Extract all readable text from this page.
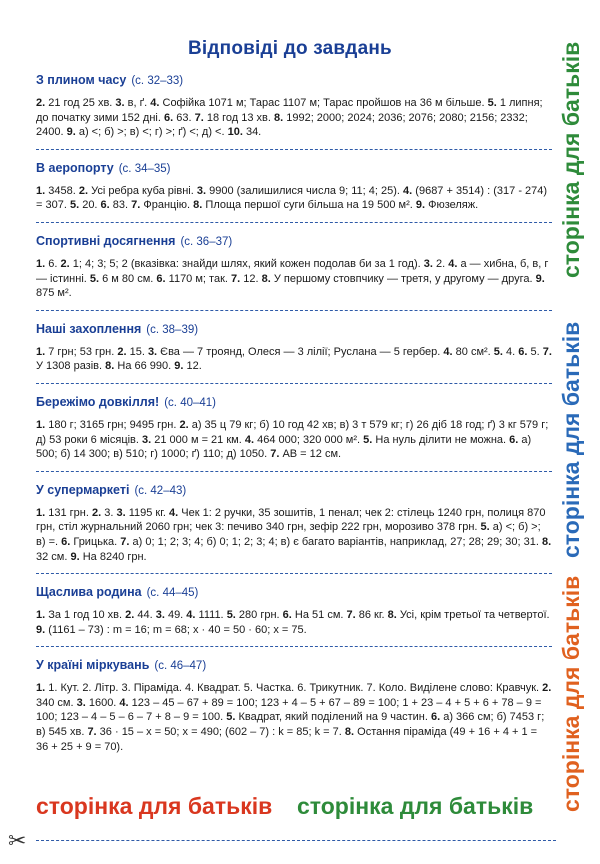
Відповіді до завдань
З плином часу (с. 32–33)

2. 21 год 25 хв. 3. в, ґ. 4. Софійка 1071 м; Тарас 1107 м; Тарас пройшов на 36 м більше. 5. 1 липня; до початку зими 152 дні. 6. 63. 7. 18 год 13 хв. 8. 1992; 2000; 2024; 2036; 2076; 2080; 2156; 2332; 2400. 9. а) <; б) >; в) <; г) >; ґ) <; д) <. 10. 34.

В аеропорту (с. 34–35)

1. 3458. 2. Усі ребра куба рівні. 3. 9900 (залишилися числа 9; 11; 4; 25). 4. (9687 + 3514) : (317 - 274) = 307. 5. 20. 6. 83. 7. Францію. 8. Площа першої суги більша на 19 500 м². 9. Фюзеляж.

Спортивні досягнення (с. 36–37)

1. 6. 2. 1; 4; 3; 5; 2 (вказівка: знайди шлях, який кожен подолав би за 1 год). 3. 2. 4. а — хибна, б, в, г — істинні. 5. 6 м 80 см. 6. 1170 м; так. 7. 12. 8. У першому стовпчику — третя, у другому — друга. 9. 875 м².

Наші захоплення (с. 38–39)

1. 7 грн; 53 грн. 2. 15. 3. Єва — 7 троянд, Олеся — 3 лілії; Руслана — 5 гербер. 4. 80 см². 5. 4. 6. 5. 7. У 1308 разів. 8. На 66 990. 9. 12.

Бережімо довкілля! (с. 40–41)

1. 180 г; 3165 грн; 9495 грн. 2. а) 35 ц 79 кг; б) 10 год 42 хв; в) 3 т 579 кг; г) 26 діб 18 год; ґ) 3 кг 579 г; д) 53 роки 6 місяців. 3. 21 000 м = 21 км. 4. 464 000; 320 000 м². 5. На нуль ділити не можна. 6. а) 500; б) 14 300; в) 510; г) 1000; ґ) 110; д) 1050. 7. AB = 12 см.

У супермаркеті (с. 42–43)

1. 131 грн. 2. 3. 3. 1195 кг. 4. Чек 1: 2 ручки, 35 зошитів, 1 пенал; чек 2: стілець 1240 грн, полиця 870 грн, стіл журнальний 2060 грн; чек 3: печиво 340 грн, зефір 222 грн, морозиво 378 грн. 5. а) <; б) >; в) =. 6. Грицька. 7. а) 0; 1; 2; 3; 4; б) 0; 1; 2; 3; 4; в) є багато варіантів, наприклад, 27; 28; 29; 30; 31. 8. 32 см. 9. На 8240 грн.

Щаслива родина (с. 44–45)

1. За 1 год 10 хв. 2. 44. 3. 49. 4. 1111. 5. 280 грн. 6. На 51 см. 7. 86 кг. 8. Усі, крім третьої та четвертої. 9. (1161 – 73) : m = 16; m = 68; x · 40 = 50 · 60; x = 75.

У країні міркувань (с. 46–47)

1. 1. Кут. 2. Літр. 3. Піраміда. 4. Квадрат. 5. Частка. 6. Трикутник. 7. Коло. Виділене слово: Кравчук. 2. 340 см. 3. 1600. 4. 123 – 45 – 67 + 89 = 100; 123 + 4 – 5 + 67 – 89 = 100; 1 + 23 – 4 + 5 + 6 + 78 – 9 = 100; 123 – 4 – 5 – 6 – 7 + 8 – 9 = 100. 5. Квадрат, який поділений на 9 частин. 6. а) 366 см; б) 7453 г; в) 545 хв. 7. 36 · 15 – x = 50; x = 490; (602 – 7) : k = 85; k = 7. 8. Остання піраміда (49 + 16 + 4 + 1 = 36 + 25 + 9 = 70).

сторінка для батьків
сторінка для батьків
сторінка для батьків
сторінка для батьків сторінка для батьків
✂
